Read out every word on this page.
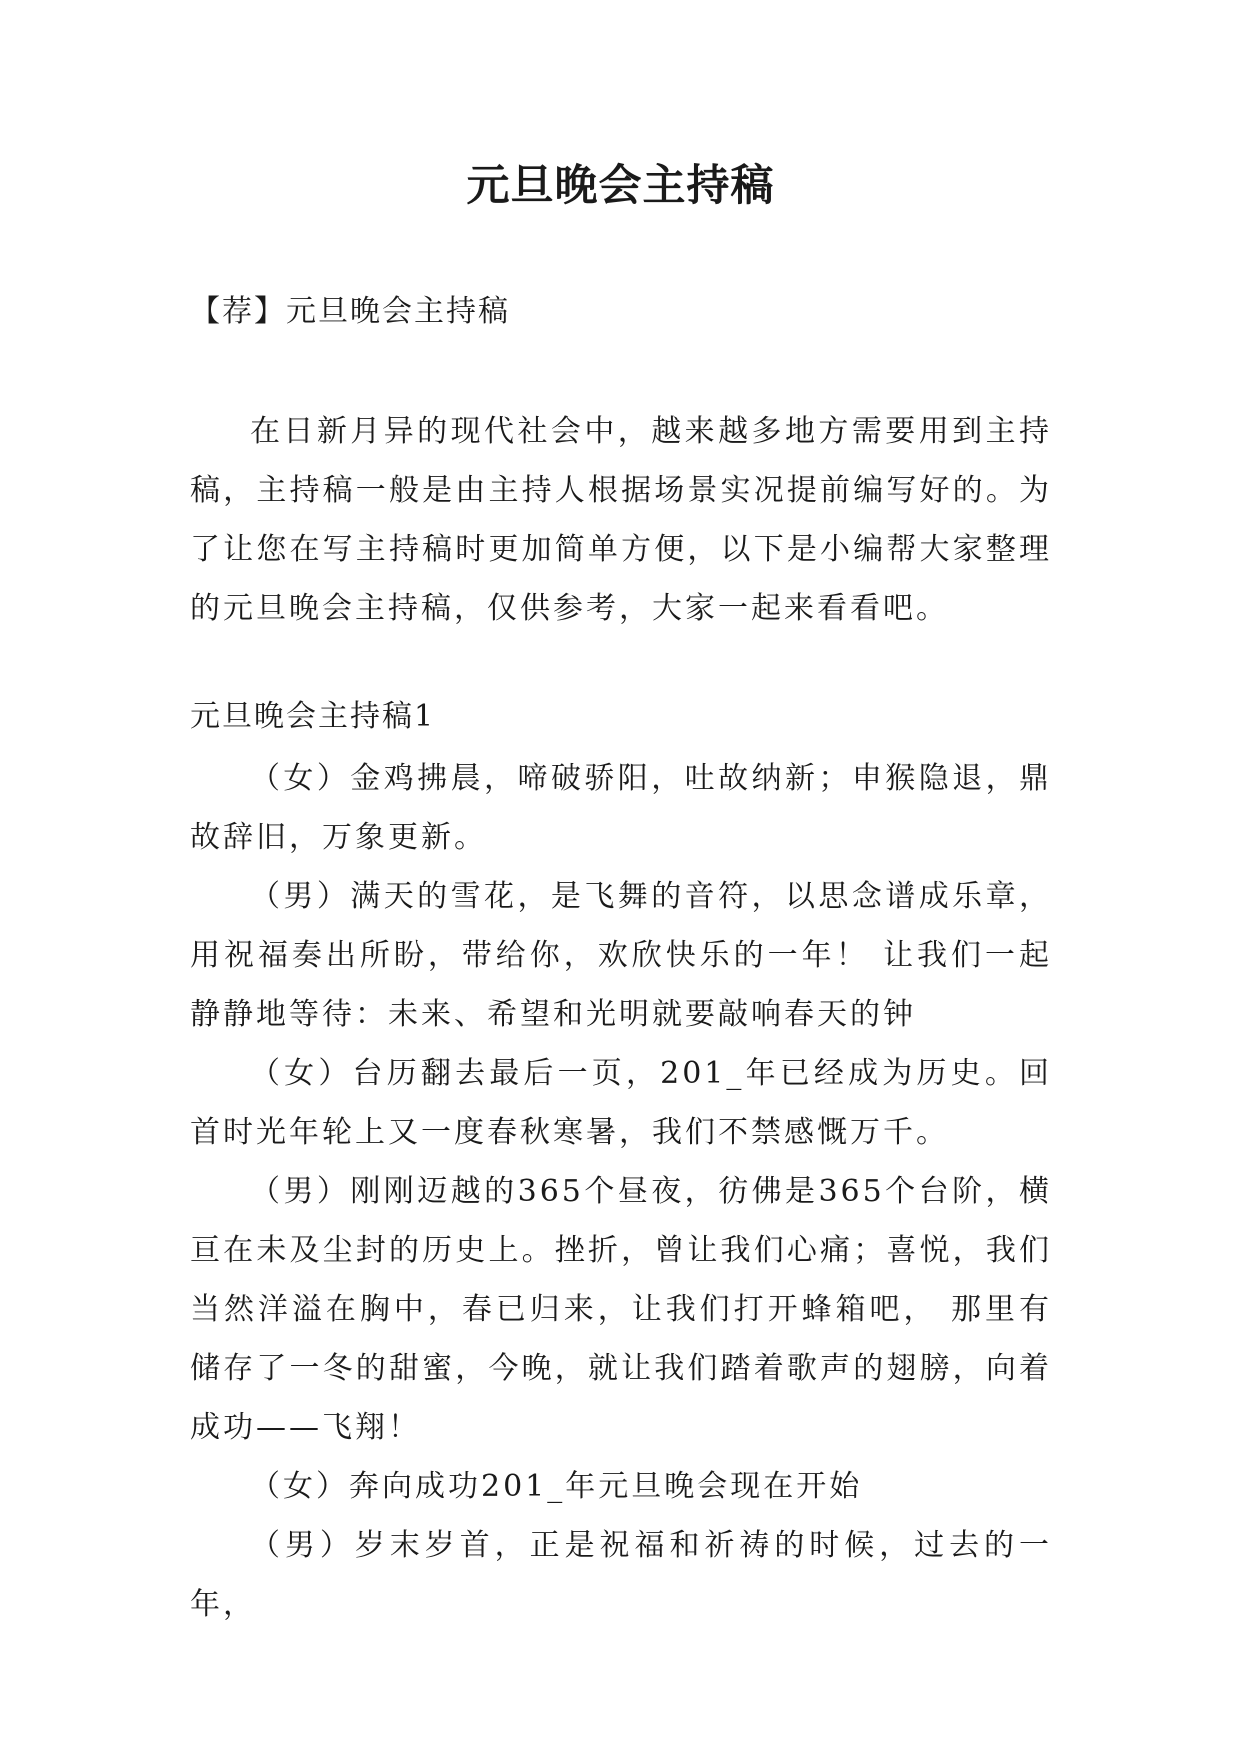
元旦晚会主持稿
【荐】元旦晚会主持稿

在日新月异的现代社会中，越来越多地方需要用到主持稿，主持稿一般是由主持人根据场景实况提前编写好的。为了让您在写主持稿时更加简单方便，以下是小编帮大家整理的元旦晚会主持稿，仅供参考，大家一起来看看吧。

元旦晚会主持稿1

（女）金鸡拂晨，啼破骄阳，吐故纳新；申猴隐退，鼎故辞旧，万象更新。

（男）满天的雪花，是飞舞的音符，以思念谱成乐章，用祝福奏出所盼，带给你，欢欣快乐的一年！ 让我们一起静静地等待：未来、希望和光明就要敲响春天的钟

（女）台历翻去最后一页，201_年已经成为历史。回首时光年轮上又一度春秋寒暑，我们不禁感慨万千。

（男）刚刚迈越的365个昼夜，彷佛是365个台阶，横亘在未及尘封的历史上。挫折，曾让我们心痛；喜悦，我们当然洋溢在胸中，春已归来，让我们打开蜂箱吧， 那里有储存了一冬的甜蜜，今晚，就让我们踏着歌声的翅膀，向着成功——飞翔！

（女）奔向成功201_年元旦晚会现在开始

（男）岁末岁首，正是祝福和祈祷的时候，过去的一年，
